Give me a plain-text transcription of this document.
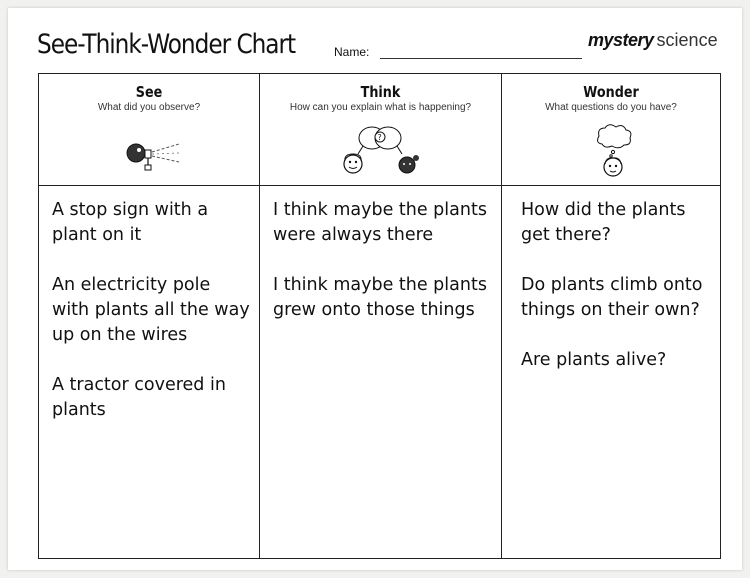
See-Think-Wonder Chart	Name:
mystery science
See
What did you observe?
Think
How can you explain what is happening?
?
Wonder
What questions do you have?

A stop sign with a plant on it

An electricity pole with plants all the way up on the wires

A tractor covered in plants

I think maybe the plants were always there

I think maybe the plants grew onto those things

How did the plants get there?

Do plants climb onto things on their own?

Are plants alive?
